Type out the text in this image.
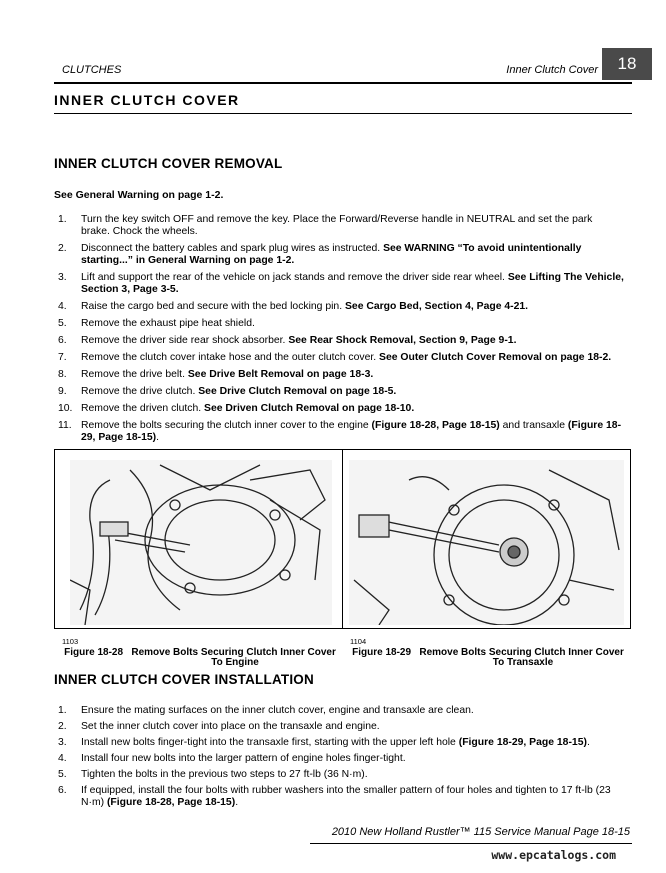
CLUTCHES	Inner Clutch Cover	18
INNER CLUTCH COVER
INNER CLUTCH COVER REMOVAL
See General Warning on page 1-2.
1. Turn the key switch OFF and remove the key. Place the Forward/Reverse handle in NEUTRAL and set the park brake. Chock the wheels.
2. Disconnect the battery cables and spark plug wires as instructed. See WARNING “To avoid unintentionally starting...” in General Warning on page 1-2.
3. Lift and support the rear of the vehicle on jack stands and remove the driver side rear wheel. See Lifting The Vehicle, Section 3, Page 3-5.
4. Raise the cargo bed and secure with the bed locking pin. See Cargo Bed, Section 4, Page 4-21.
5. Remove the exhaust pipe heat shield.
6. Remove the driver side rear shock absorber. See Rear Shock Removal, Section 9, Page 9-1.
7. Remove the clutch cover intake hose and the outer clutch cover. See Outer Clutch Cover Removal on page 18-2.
8. Remove the drive belt. See Drive Belt Removal on page 18-3.
9. Remove the drive clutch. See Drive Clutch Removal on page 18-5.
10. Remove the driven clutch. See Driven Clutch Removal on page 18-10.
11. Remove the bolts securing the clutch inner cover to the engine (Figure 18-28, Page 18-15) and transaxle (Figure 18-29, Page 18-15).
1103	1104
Figure 18-28 Remove Bolts Securing Clutch Inner Cover
To Engine
Figure 18-29 Remove Bolts Securing Clutch Inner Cover
To Transaxle
INNER CLUTCH COVER INSTALLATION
1. Ensure the mating surfaces on the inner clutch cover, engine and transaxle are clean.
2. Set the inner clutch cover into place on the transaxle and engine.
3. Install new bolts finger-tight into the transaxle first, starting with the upper left hole (Figure 18-29, Page 18-15).
4. Install four new bolts into the larger pattern of engine holes finger-tight.
5. Tighten the bolts in the previous two steps to 27 ft-lb (36 N·m).
6. If equipped, install the four bolts with rubber washers into the smaller pattern of four holes and tighten to 17 ft-lb (23 N·m) (Figure 18-28, Page 18-15).
2010 New Holland Rustler™ 115 Service Manual Page 18-15
www.epcatalogs.com
